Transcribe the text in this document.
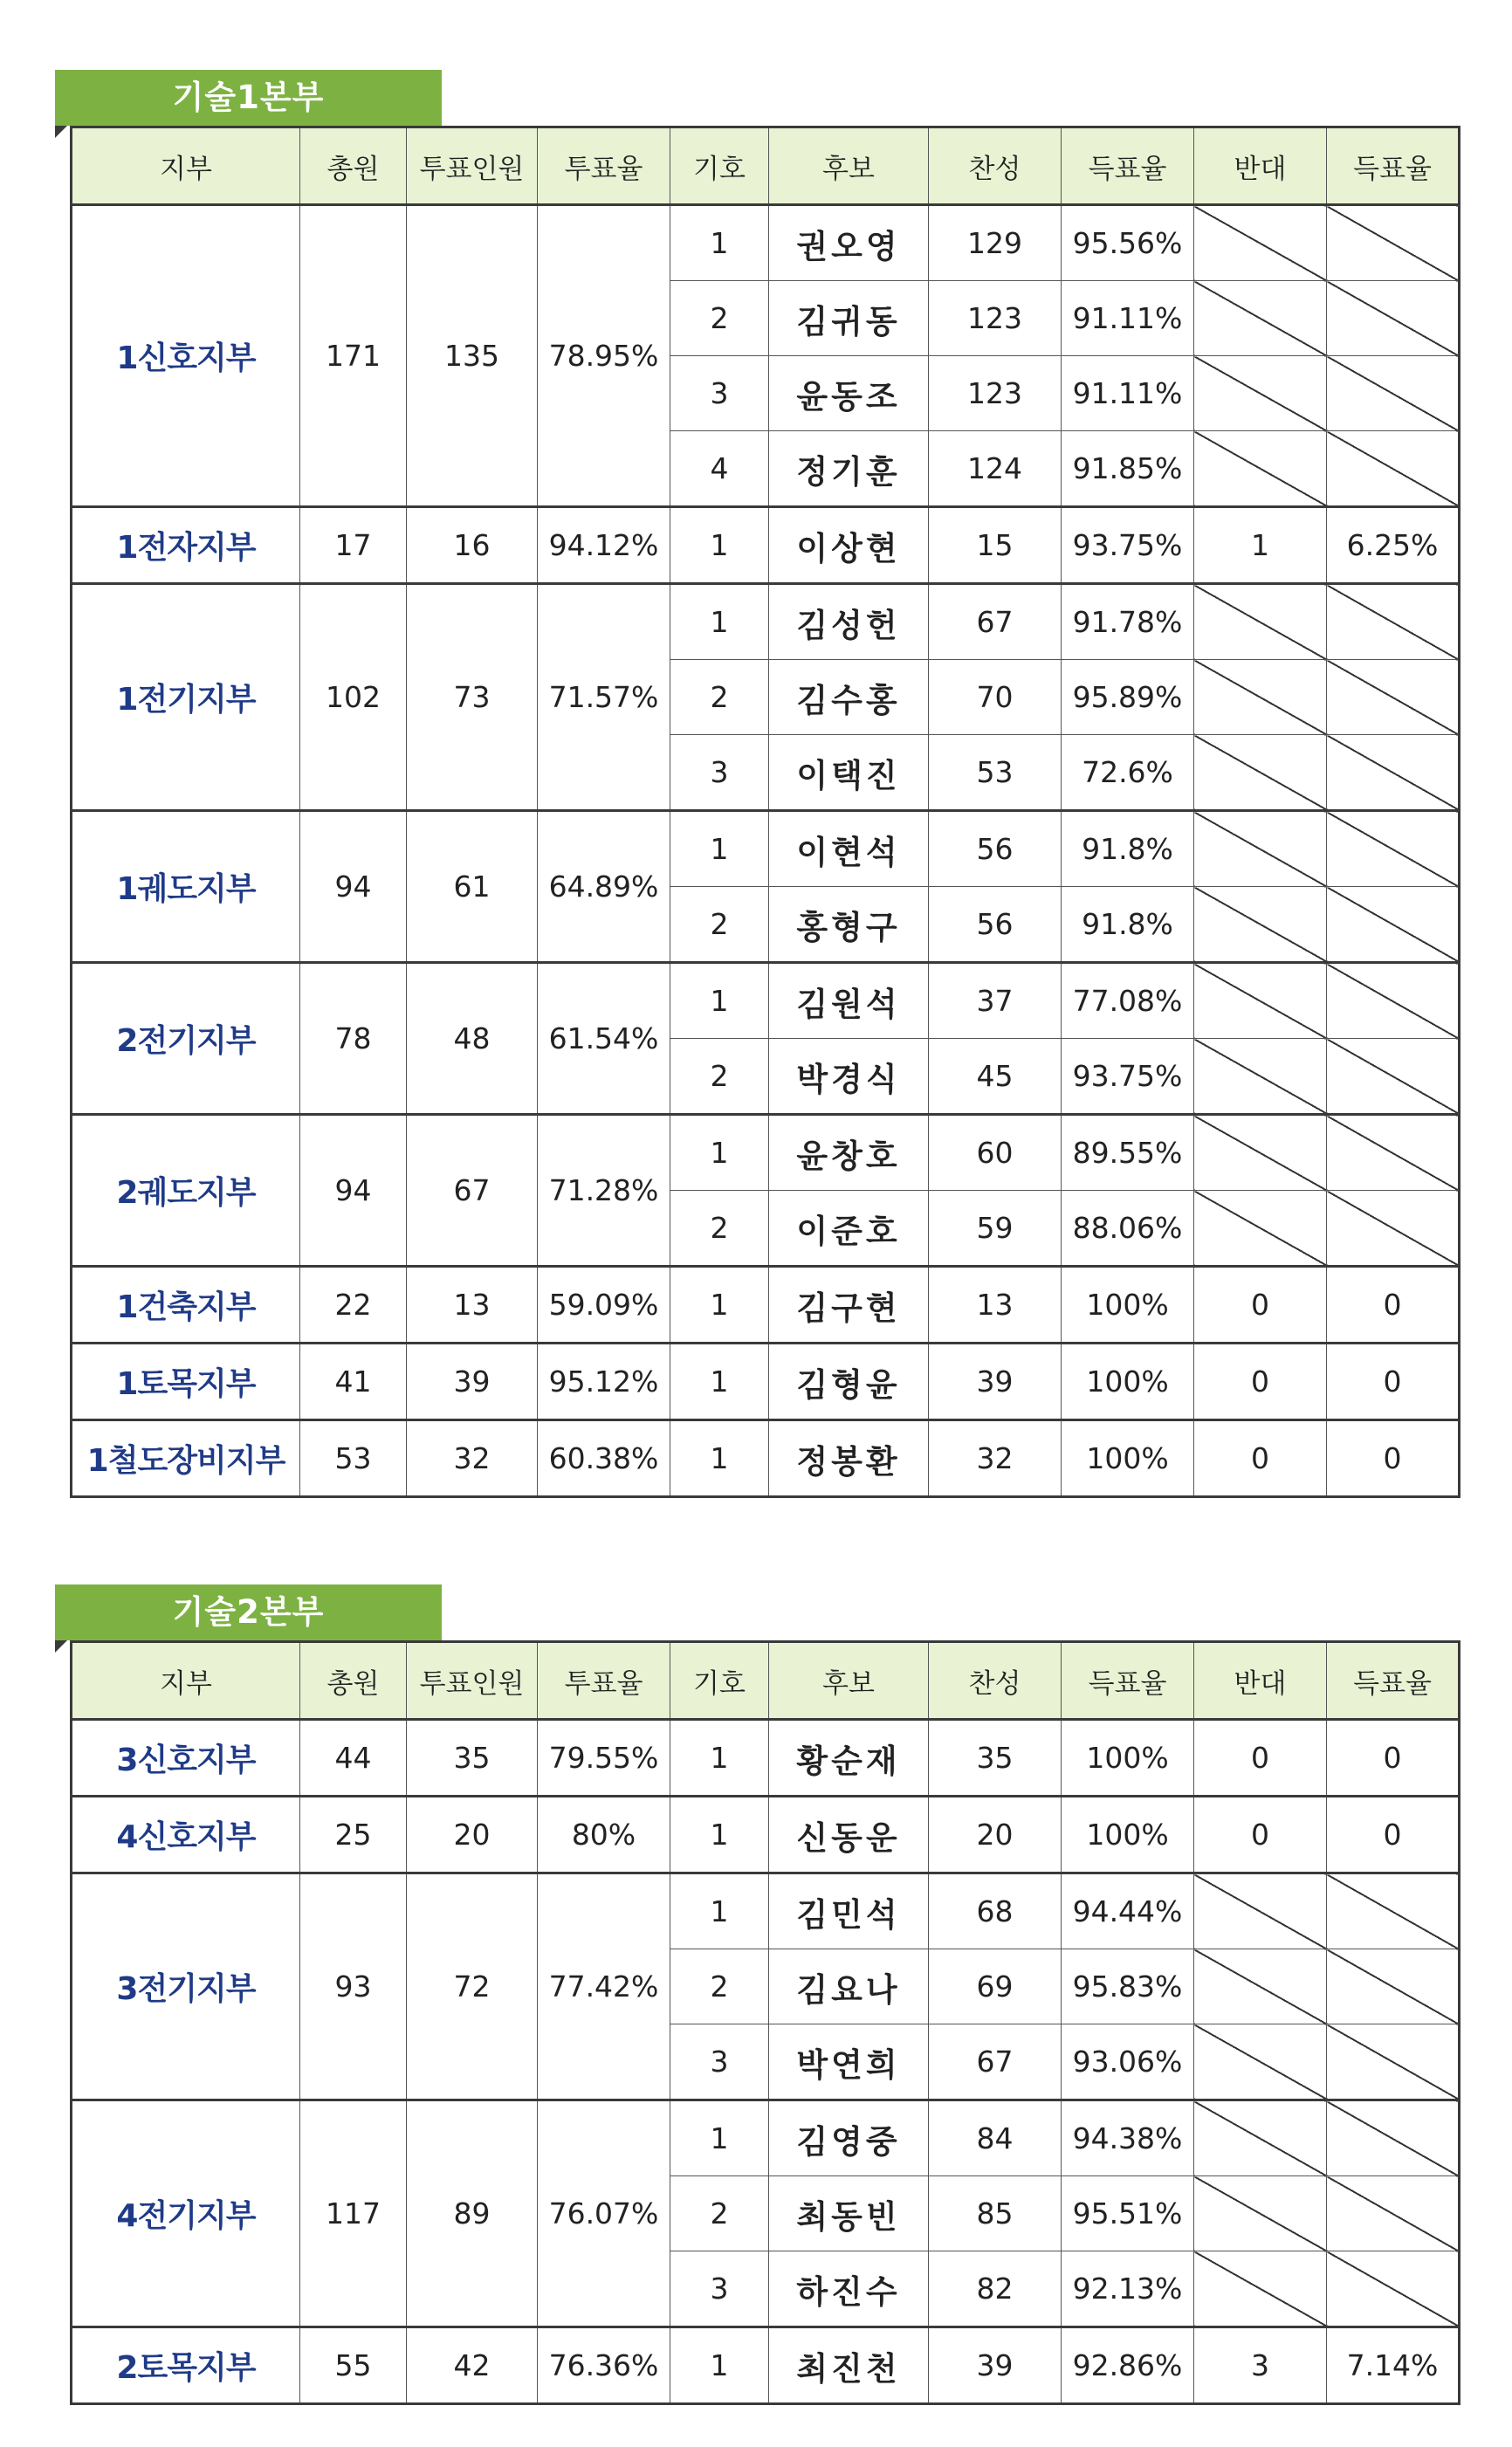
기술1본부
지부	총원	투표인원	투표율	기호	후보	찬성	득표율	반대	득표율
1신호지부	171	135	78.95%	1	권오영	129	95.56%		
				2	김귀동	123	91.11%		
				3	윤동조	123	91.11%		
				4	정기훈	124	91.85%		
1전자지부	17	16	94.12%	1	이상현	15	93.75%	1	6.25%
1전기지부	102	73	71.57%	1	김성헌	67	91.78%		
				2	김수홍	70	95.89%		
				3	이택진	53	72.6%		
1궤도지부	94	61	64.89%	1	이현석	56	91.8%		
				2	홍형구	56	91.8%		
2전기지부	78	48	61.54%	1	김원석	37	77.08%		
				2	박경식	45	93.75%		
2궤도지부	94	67	71.28%	1	윤창호	60	89.55%		
				2	이준호	59	88.06%		
1건축지부	22	13	59.09%	1	김구현	13	100%	0	0
1토목지부	41	39	95.12%	1	김형윤	39	100%	0	0
1철도장비지부	53	32	60.38%	1	정봉환	32	100%	0	0
기술2본부
지부	총원	투표인원	투표율	기호	후보	찬성	득표율	반대	득표율
3신호지부	44	35	79.55%	1	황순재	35	100%	0	0
4신호지부	25	20	80%	1	신동운	20	100%	0	0
3전기지부	93	72	77.42%	1	김민석	68	94.44%		
				2	김요나	69	95.83%		
				3	박연희	67	93.06%		
4전기지부	117	89	76.07%	1	김영중	84	94.38%		
				2	최동빈	85	95.51%		
				3	하진수	82	92.13%		
2토목지부	55	42	76.36%	1	최진천	39	92.86%	3	7.14%
